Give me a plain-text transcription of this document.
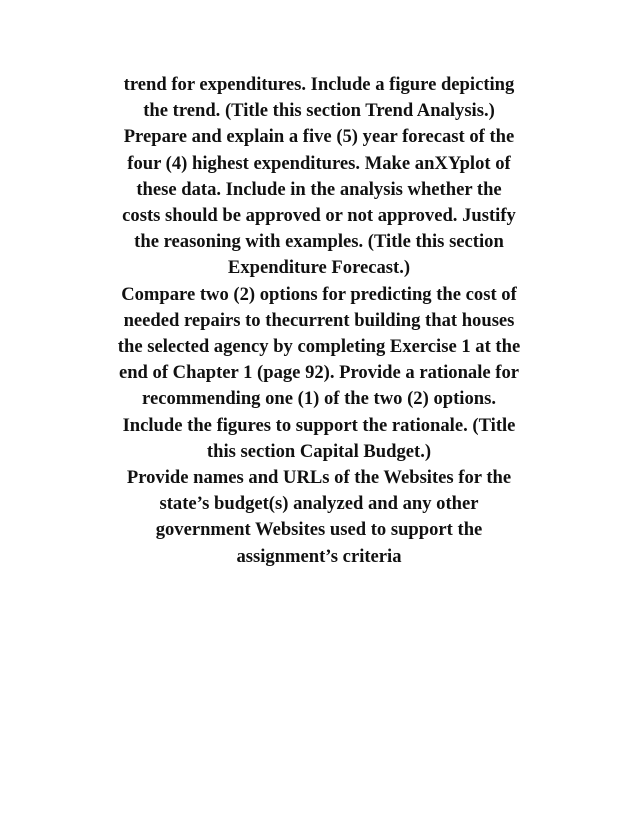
trend for expenditures. Include a figure depicting
the trend. (Title this section Trend Analysis.)
Prepare and explain a five (5) year forecast of the
four (4) highest expenditures. Make anXYplot of
these data. Include in the analysis whether the
costs should be approved or not approved. Justify
the reasoning with examples. (Title this section
Expenditure Forecast.)
Compare two (2) options for predicting the cost of
needed repairs to thecurrent building that houses
the selected agency by completing Exercise 1 at the
end of Chapter 1 (page 92). Provide a rationale for
recommending one (1) of the two (2) options.
Include the figures to support the rationale. (Title
this section Capital Budget.)
Provide names and URLs of the Websites for the
state’s budget(s) analyzed and any other
government Websites used to support the
assignment’s criteria
